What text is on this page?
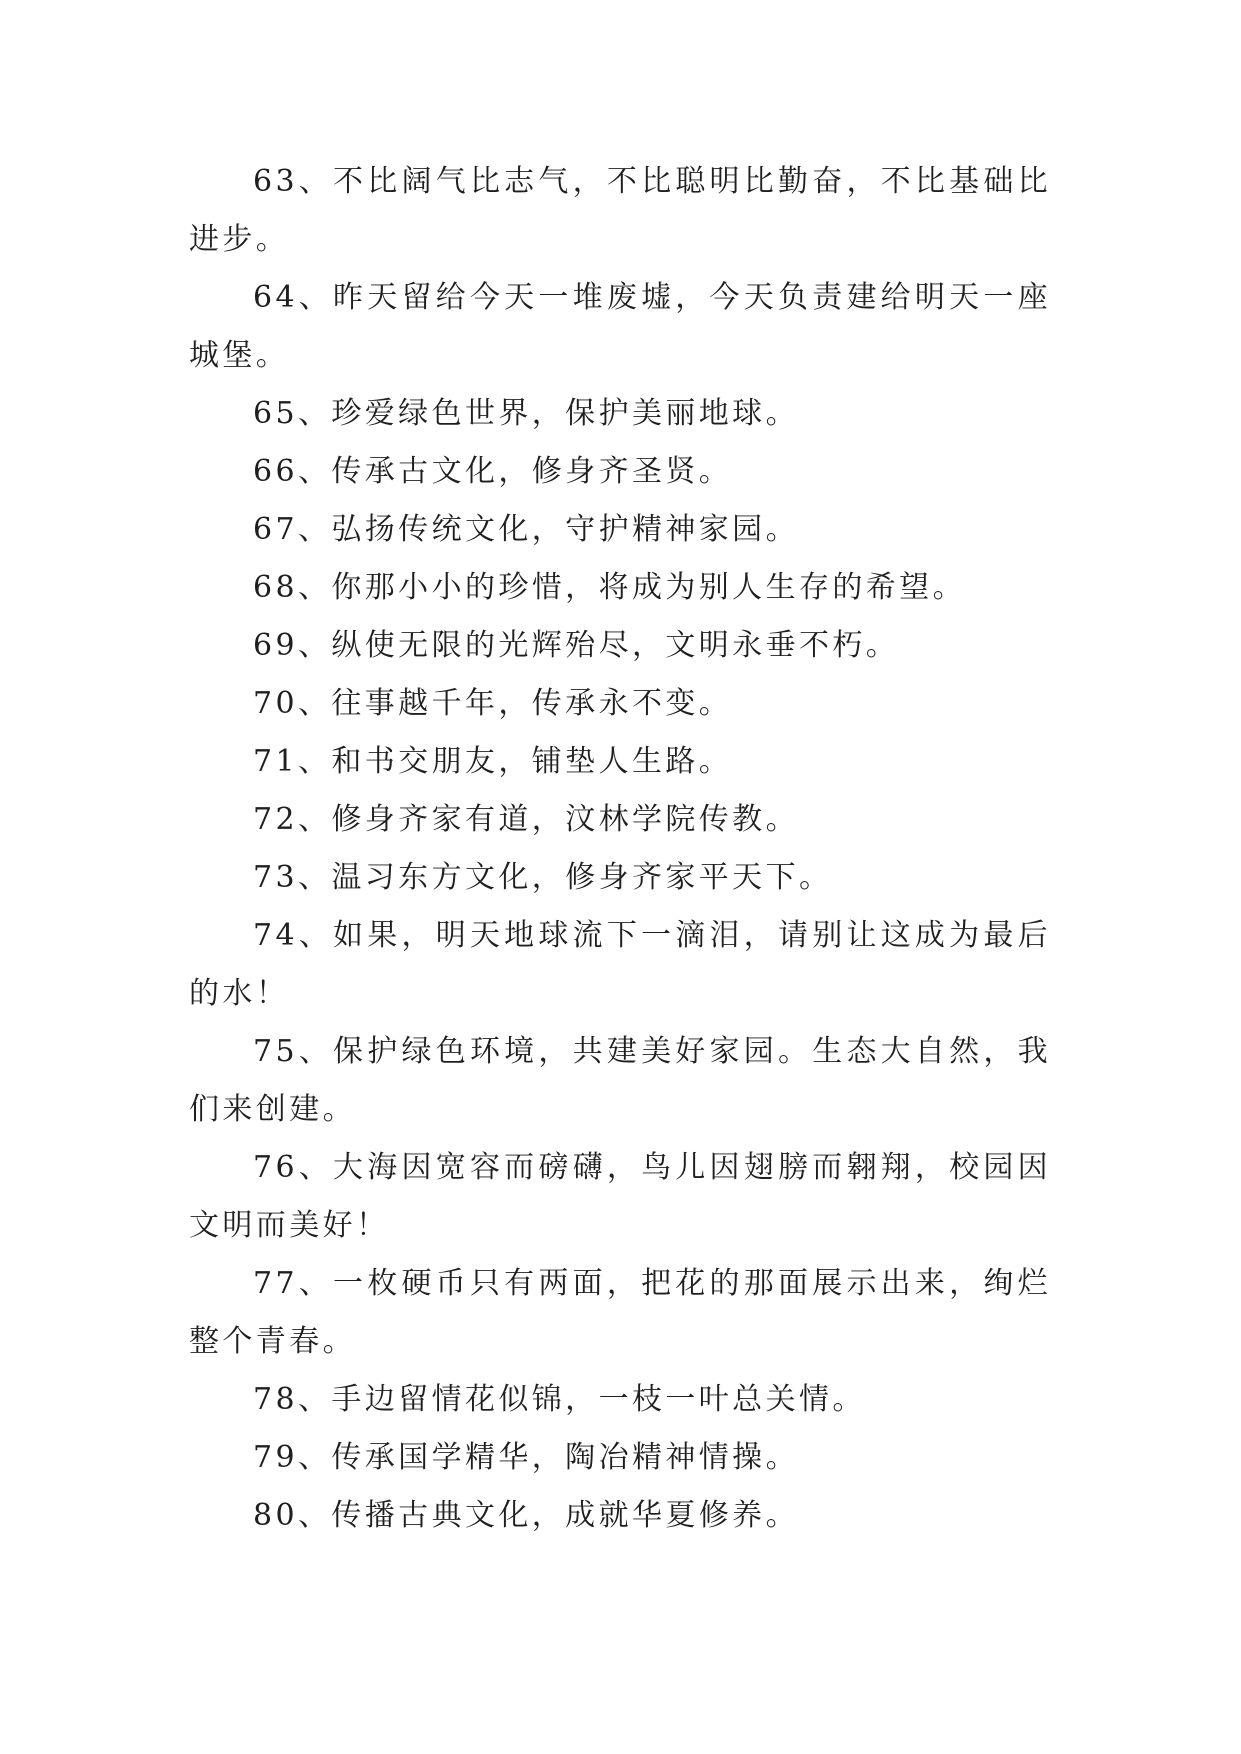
63、不比阔气比志气，不比聪明比勤奋，不比基础比进步。

64、昨天留给今天一堆废墟，今天负责建给明天一座城堡。

65、珍爱绿色世界，保护美丽地球。

66、传承古文化，修身齐圣贤。

67、弘扬传统文化，守护精神家园。

68、你那小小的珍惜，将成为别人生存的希望。

69、纵使无限的光辉殆尽，文明永垂不朽。

70、往事越千年，传承永不变。

71、和书交朋友，铺垫人生路。

72、修身齐家有道，汶林学院传教。

73、温习东方文化，修身齐家平天下。

74、如果，明天地球流下一滴泪，请别让这成为最后的水！

75、保护绿色环境，共建美好家园。生态大自然，我们来创建。

76、大海因宽容而磅礴，鸟儿因翅膀而翱翔，校园因文明而美好！

77、一枚硬币只有两面，把花的那面展示出来，绚烂整个青春。

78、手边留情花似锦，一枝一叶总关情。

79、传承国学精华，陶冶精神情操。

80、传播古典文化，成就华夏修养。
